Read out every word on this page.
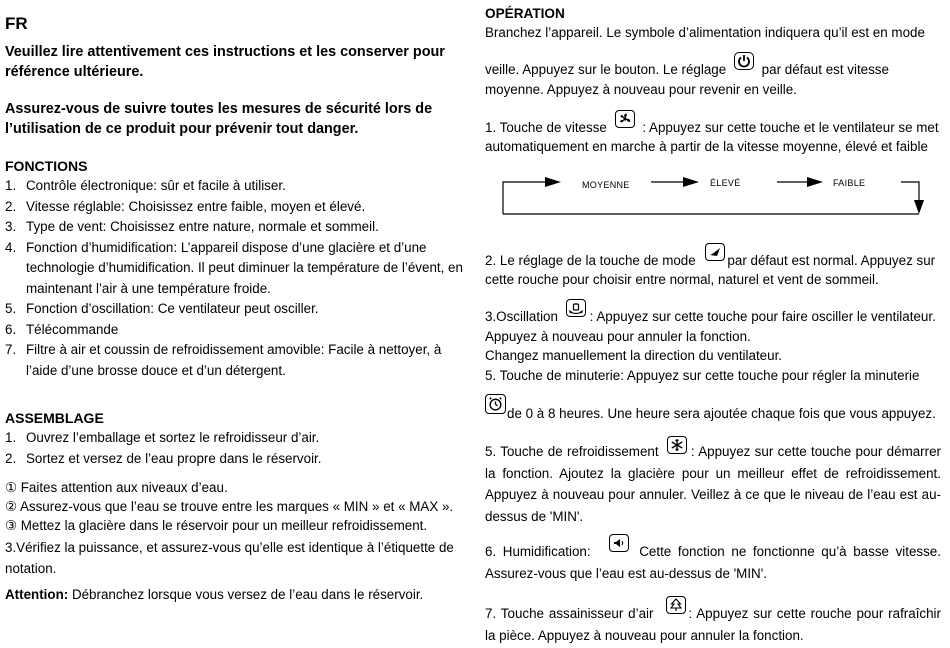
FR
Veuillez lire attentivement ces instructions et les conserver pour référence ultérieure.
Assurez-vous de suivre toutes les mesures de sécurité lors de l’utilisation de ce produit pour prévenir tout danger.
FONCTIONS
1. Contrôle électronique: sûr et facile à utiliser.
2. Vitesse réglable: Choisissez entre faible, moyen et élevé.
3. Type de vent: Choisissez entre nature, normale et sommeil.
4. Fonction d’humidification: L’appareil dispose d’une glacière et d’une technologie d’humidification. Il peut diminuer la température de l’évent, en maintenant l’air à une température froide.
5. Fonction d’oscillation: Ce ventilateur peut osciller.
6. Télécommande
7. Filtre à air et coussin de refroidissement amovible: Facile à nettoyer, à l’aide d’une brosse douce et d’un détergent.
ASSEMBLAGE
1. Ouvrez l’emballage et sortez le refroidisseur d’air.
2. Sortez et versez de l’eau propre dans le réservoir.
① Faites attention aux niveaux d’eau.
② Assurez-vous que l’eau se trouve entre les marques « MIN » et « MAX ».
③ Mettez la glacière dans le réservoir pour un meilleur refroidissement.
3.Vérifiez la puissance, et assurez-vous qu’elle est identique à l’étiquette de notation.
Attention: Débranchez lorsque vous versez de l’eau dans le réservoir.
OPÉRATION
Branchez l’appareil. Le symbole d’alimentation indiquera qu’il est en mode
veille. Appuyez sur le bouton. Le réglage	par défaut est vitesse
moyenne. Appuyez à nouveau pour revenir en veille.
1. Touche de vitesse	: Appuyez sur cette touche et le ventilateur se met
automatiquement en marche à partir de la vitesse moyenne, élevé et faible
MOYENNE	ÉLEVÉ	FAIBLE
2. Le réglage de la touche de mode par défaut est normal. Appuyez sur
cette rouche pour choisir entre normal, naturel et vent de sommeil.
3.Oscillation : Appuyez sur cette touche pour faire osciller le ventilateur.
Appuyez à nouveau pour annuler la fonction.
Changez manuellement la direction du ventilateur.
5. Touche de minuterie: Appuyez sur cette touche pour régler la minuterie
de 0 à 8 heures. Une heure sera ajoutée chaque fois que vous appuyez.
5. Touche de refroidissement : Appuyez sur cette touche pour démarrer la fonction. Ajoutez la glacière pour un meilleur effet de refroidissement. Appuyez à nouveau pour annuler. Veillez à ce que le niveau de l’eau est au-dessus de 'MIN'.
6. Humidification:	Cette fonction ne fonctionne qu’à basse vitesse. Assurez-vous que l’eau est au-dessus de 'MIN'.
7. Touche assainisseur d’air	: Appuyez sur cette rouche pour rafraîchir la pièce. Appuyez à nouveau pour annuler la fonction.
